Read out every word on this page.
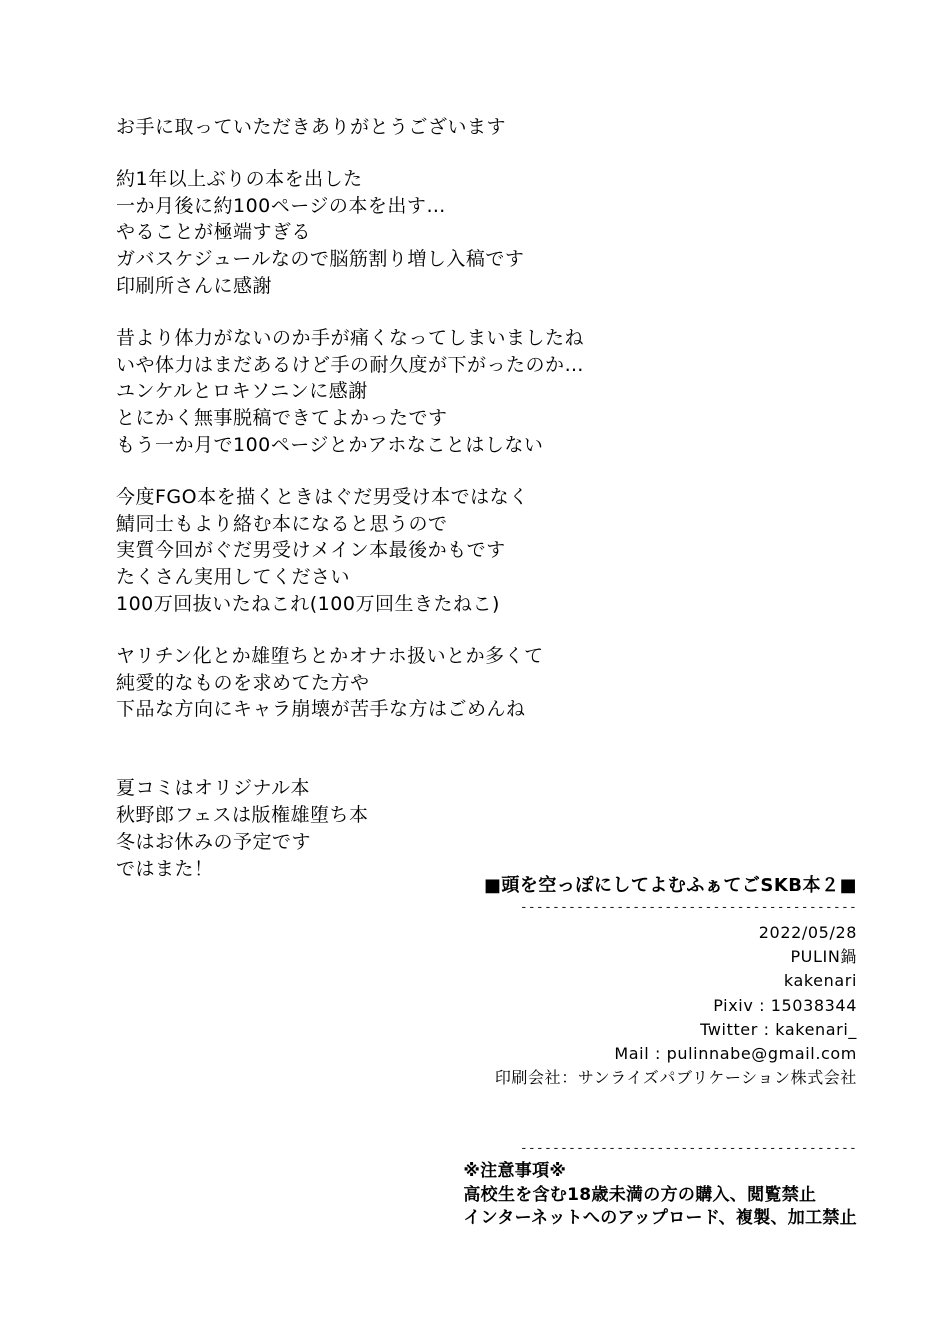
お手に取っていただきありがとうございます
約1年以上ぶりの本を出した
一か月後に約100ページの本を出す…
やることが極端すぎる
ガバスケジュールなので脳筋割り増し入稿です
印刷所さんに感謝
昔より体力がないのか手が痛くなってしまいましたね
いや体力はまだあるけど手の耐久度が下がったのか…
ユンケルとロキソニンに感謝
とにかく無事脱稿できてよかったです
もう一か月で100ページとかアホなことはしない
今度FGO本を描くときはぐだ男受け本ではなく
鯖同士もより絡む本になると思うので
実質今回がぐだ男受けメイン本最後かもです
たくさん実用してください
100万回抜いたねこれ(100万回生きたねこ)
ヤリチン化とか雄堕ちとかオナホ扱いとか多くて
純愛的なものを求めてた方や
下品な方向にキャラ崩壊が苦手な方はごめんね
夏コミはオリジナル本
秋野郎フェスは版権雄堕ち本
冬はお休みの予定です
ではまた！
■頭を空っぽにしてよむふぁてごSKB本２■
------------------------------------------
2022/05/28
PULIN鍋
kakenari
Pixiv : 15038344
Twitter : kakenari_
Mail : pulinnabe@gmail.com
印刷会社：サンライズパブリケーション株式会社
------------------------------------------
※注意事項※
高校生を含む18歳未満の方の購入、閲覧禁止
インターネットへのアップロード、複製、加工禁止
